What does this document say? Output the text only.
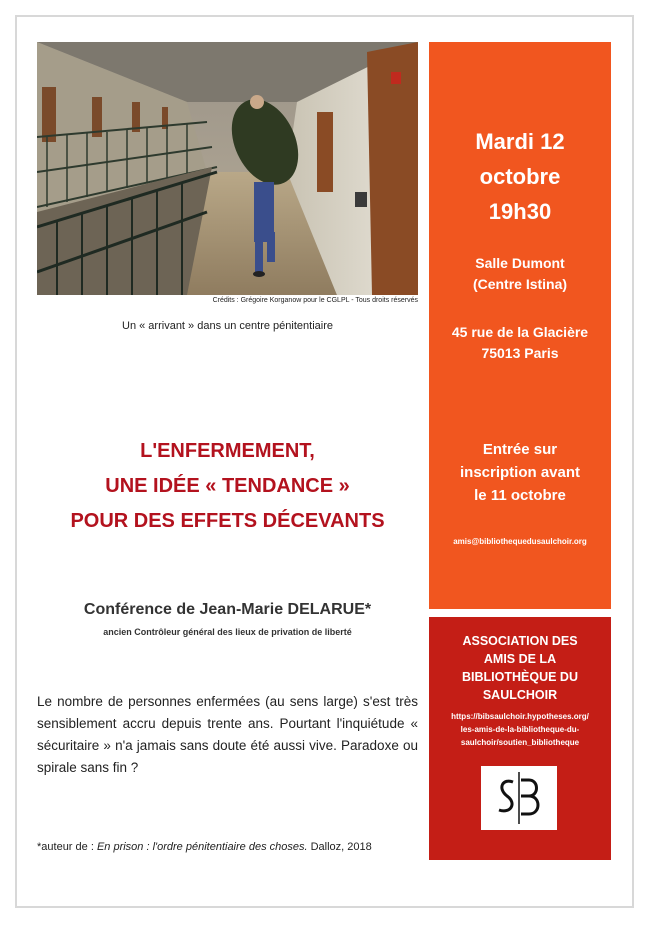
Crédits : Grégoire Korganow pour le CGLPL - Tous droits réservés
Un « arrivant » dans un centre pénitentiaire
L'ENFERMEMENT,
UNE IDÉE « TENDANCE »
POUR DES EFFETS DÉCEVANTS
Conférence de Jean-Marie DELARUE*
ancien Contrôleur général des lieux de privation de liberté
Le nombre de personnes enfermées (au sens large) s'est très sensiblement accru depuis trente ans. Pourtant l'inquiétude « sécuritaire » n'a jamais sans doute été aussi vive. Paradoxe ou spirale sans fin ?
*auteur de : En prison : l'ordre pénitentiaire des choses. Dalloz, 2018
Mardi 12
octobre
19h30
Salle Dumont
(Centre Istina)
45 rue de la Glacière
75013 Paris
Entrée sur
inscription avant
le 11 octobre
amis@bibliothequedusaulchoir.org
ASSOCIATION DES
AMIS DE LA
BIBLIOTHÈQUE DU
SAULCHOIR
https://bibsaulchoir.hypotheses.org/
les-amis-de-la-bibliotheque-du-
saulchoir/soutien_bibliotheque
